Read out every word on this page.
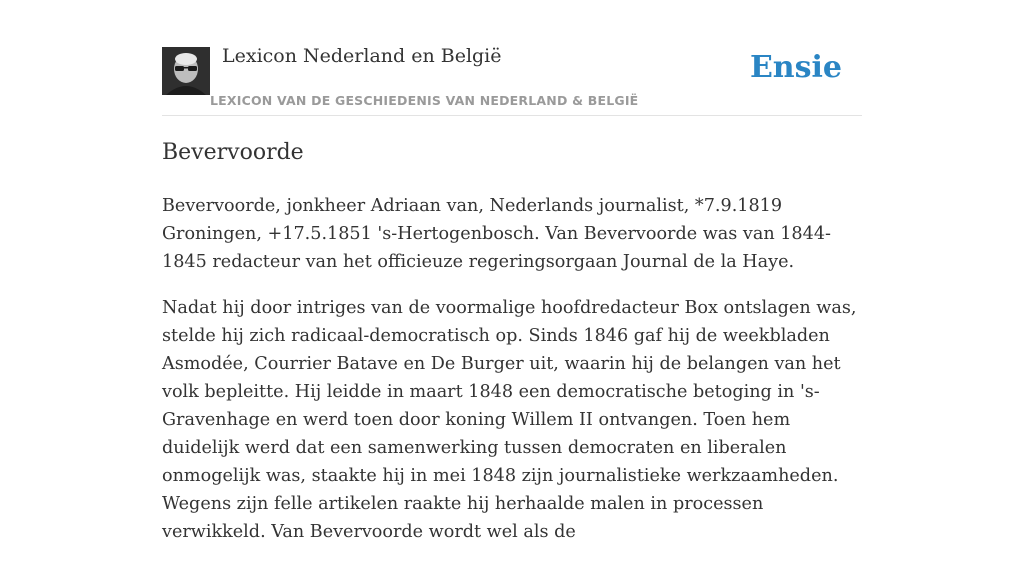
Lexicon Nederland en België
LEXICON VAN DE GESCHIEDENIS VAN NEDERLAND & BELGIË
Ensie
Bevervoorde

Bevervoorde, jonkheer Adriaan van, Nederlands journalist, *7.9.1819 Groningen, +17.5.1851 's-Hertogenbosch. Van Bevervoorde was van 1844-1845 redacteur van het officieuze regeringsorgaan Journal de la Haye.

Nadat hij door intriges van de voormalige hoofdredacteur Box ontslagen was, stelde hij zich radicaal-democratisch op. Sinds 1846 gaf hij de weekbladen Asmodée, Courrier Batave en De Burger uit, waarin hij de belangen van het volk bepleitte. Hij leidde in maart 1848 een democratische betoging in 's-Gravenhage en werd toen door koning Willem II ontvangen. Toen hem duidelijk werd dat een samenwerking tussen democraten en liberalen onmogelijk was, staakte hij in mei 1848 zijn journalistieke werkzaamheden. Wegens zijn felle artikelen raakte hij herhaalde malen in processen verwikkeld. Van Bevervoorde wordt wel als de
